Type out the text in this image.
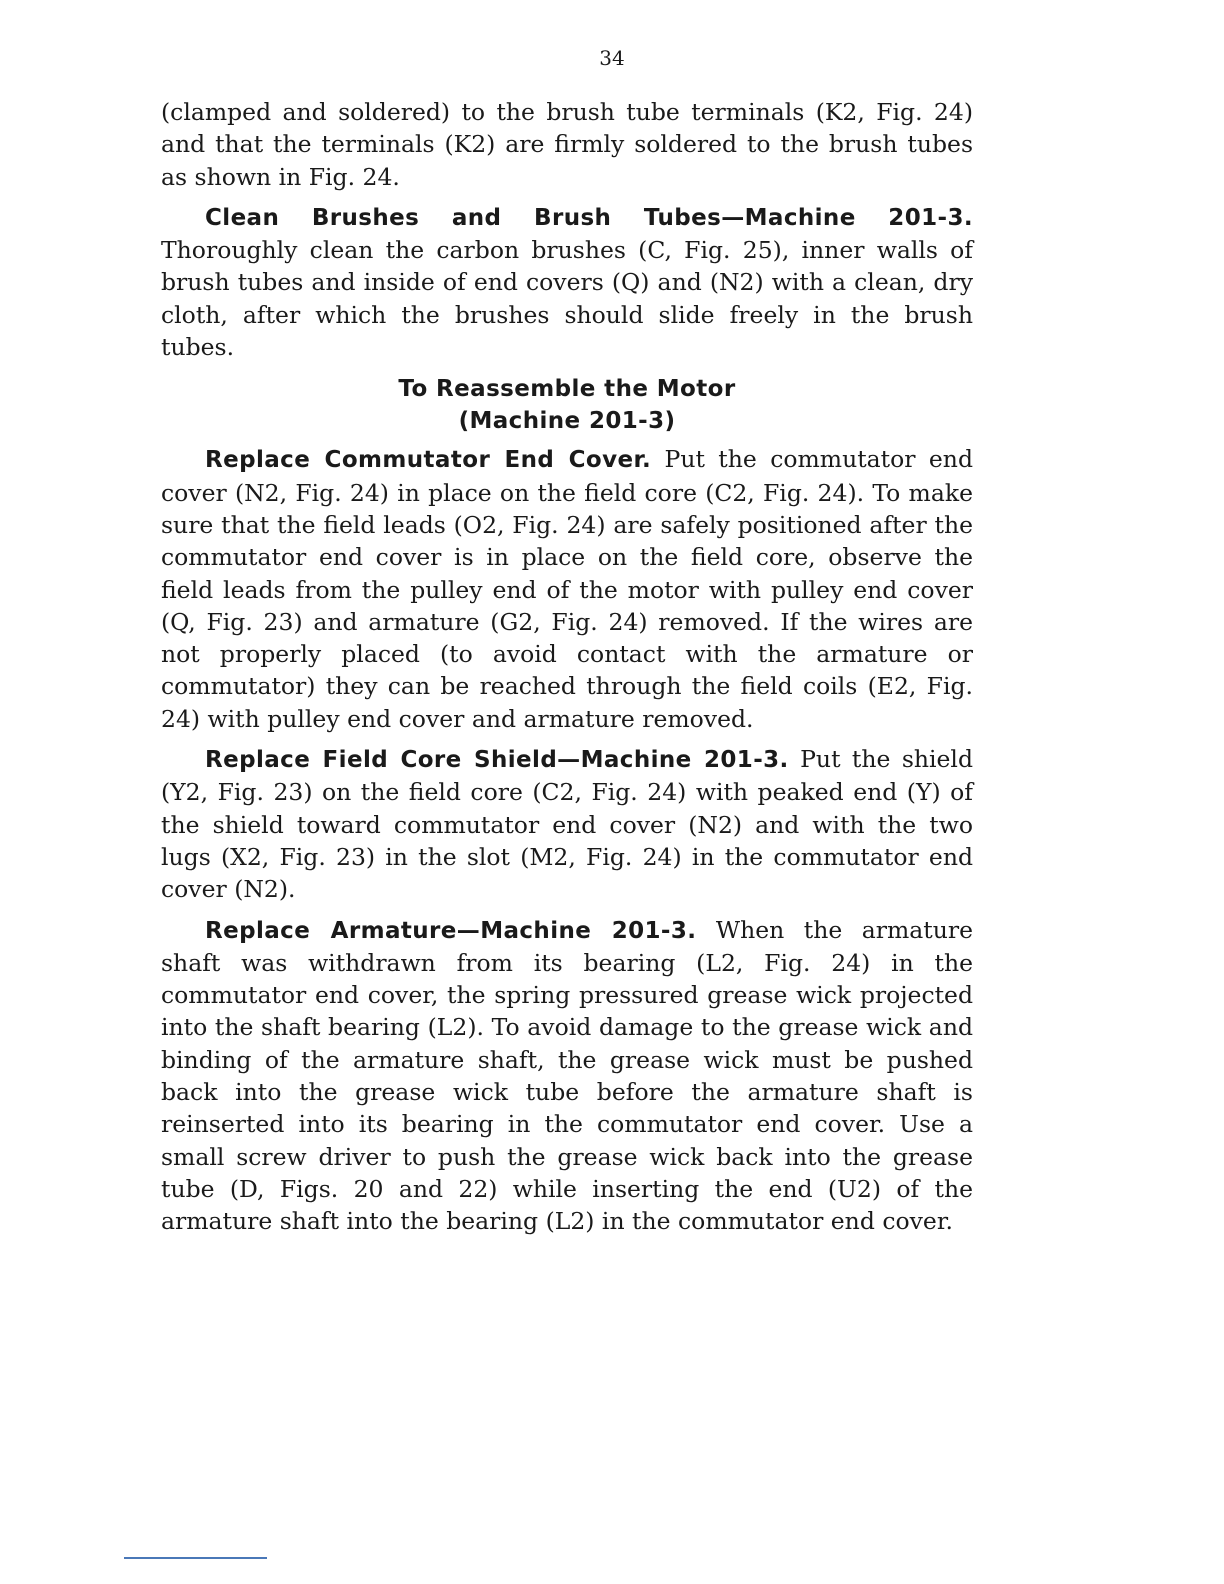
34

(clamped and soldered) to the brush tube terminals (K2, Fig. 24) and that the terminals (K2) are firmly soldered to the brush tubes as shown in Fig. 24.

Clean Brushes and Brush Tubes—Machine 201-3. Thoroughly clean the carbon brushes (C, Fig. 25), inner walls of brush tubes and inside of end covers (Q) and (N2) with a clean, dry cloth, after which the brushes should slide freely in the brush tubes.

To Reassemble the Motor
(Machine 201-3)

Replace Commutator End Cover. Put the commutator end cover (N2, Fig. 24) in place on the field core (C2, Fig. 24). To make sure that the field leads (O2, Fig. 24) are safely positioned after the commutator end cover is in place on the field core, observe the field leads from the pulley end of the motor with pulley end cover (Q, Fig. 23) and armature (G2, Fig. 24) removed. If the wires are not properly placed (to avoid contact with the armature or commutator) they can be reached through the field coils (E2, Fig. 24) with pulley end cover and armature removed.

Replace Field Core Shield—Machine 201-3. Put the shield (Y2, Fig. 23) on the field core (C2, Fig. 24) with peaked end (Y) of the shield toward commutator end cover (N2) and with the two lugs (X2, Fig. 23) in the slot (M2, Fig. 24) in the commutator end cover (N2).

Replace Armature—Machine 201-3. When the armature shaft was withdrawn from its bearing (L2, Fig. 24) in the commutator end cover, the spring pressured grease wick projected into the shaft bearing (L2). To avoid damage to the grease wick and binding of the armature shaft, the grease wick must be pushed back into the grease wick tube before the armature shaft is reinserted into its bearing in the commutator end cover. Use a small screw driver to push the grease wick back into the grease tube (D, Figs. 20 and 22) while inserting the end (U2) of the armature shaft into the bearing (L2) in the commutator end cover.
